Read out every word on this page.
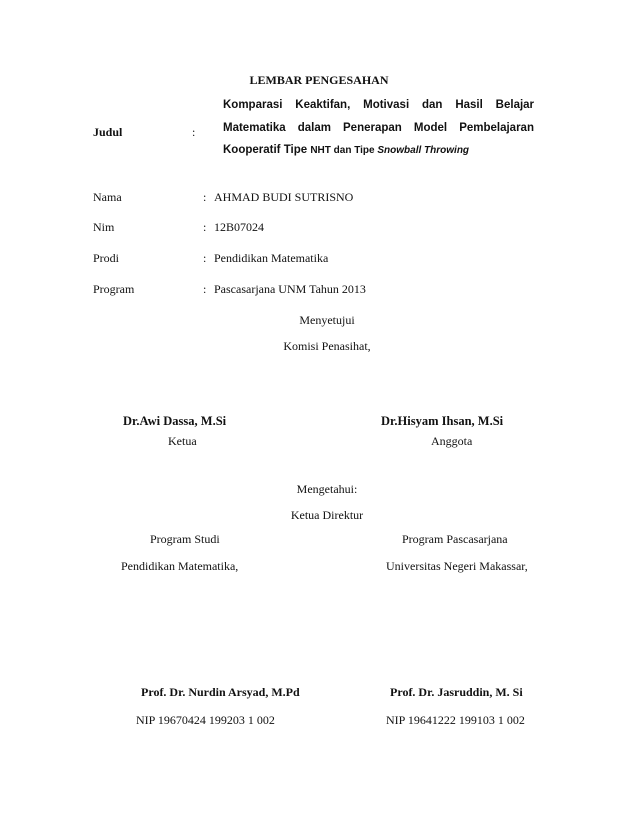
LEMBAR PENGESAHAN
Judul	:
Komparasi Keaktifan, Motivasi dan Hasil Belajar
Matematika dalam Penerapan Model Pembelajaran
Kooperatif Tipe NHT dan Tipe Snowball Throwing
Nama	: AHMAD BUDI SUTRISNO
Nim	: 12B07024
Prodi	: Pendidikan Matematika
Program	: Pascasarjana UNM Tahun 2013
Menyetujui
Komisi Penasihat,
Dr.Awi Dassa, M.Si
Ketua
Dr.Hisyam Ihsan, M.Si
Anggota
Mengetahui:
Ketua Direktur
Program Studi
Pendidikan Matematika,
Program Pascasarjana
Universitas Negeri Makassar,
Prof. Dr. Nurdin Arsyad, M.Pd
NIP 19670424 199203 1 002
Prof. Dr. Jasruddin, M. Si
NIP 19641222 199103 1 002
